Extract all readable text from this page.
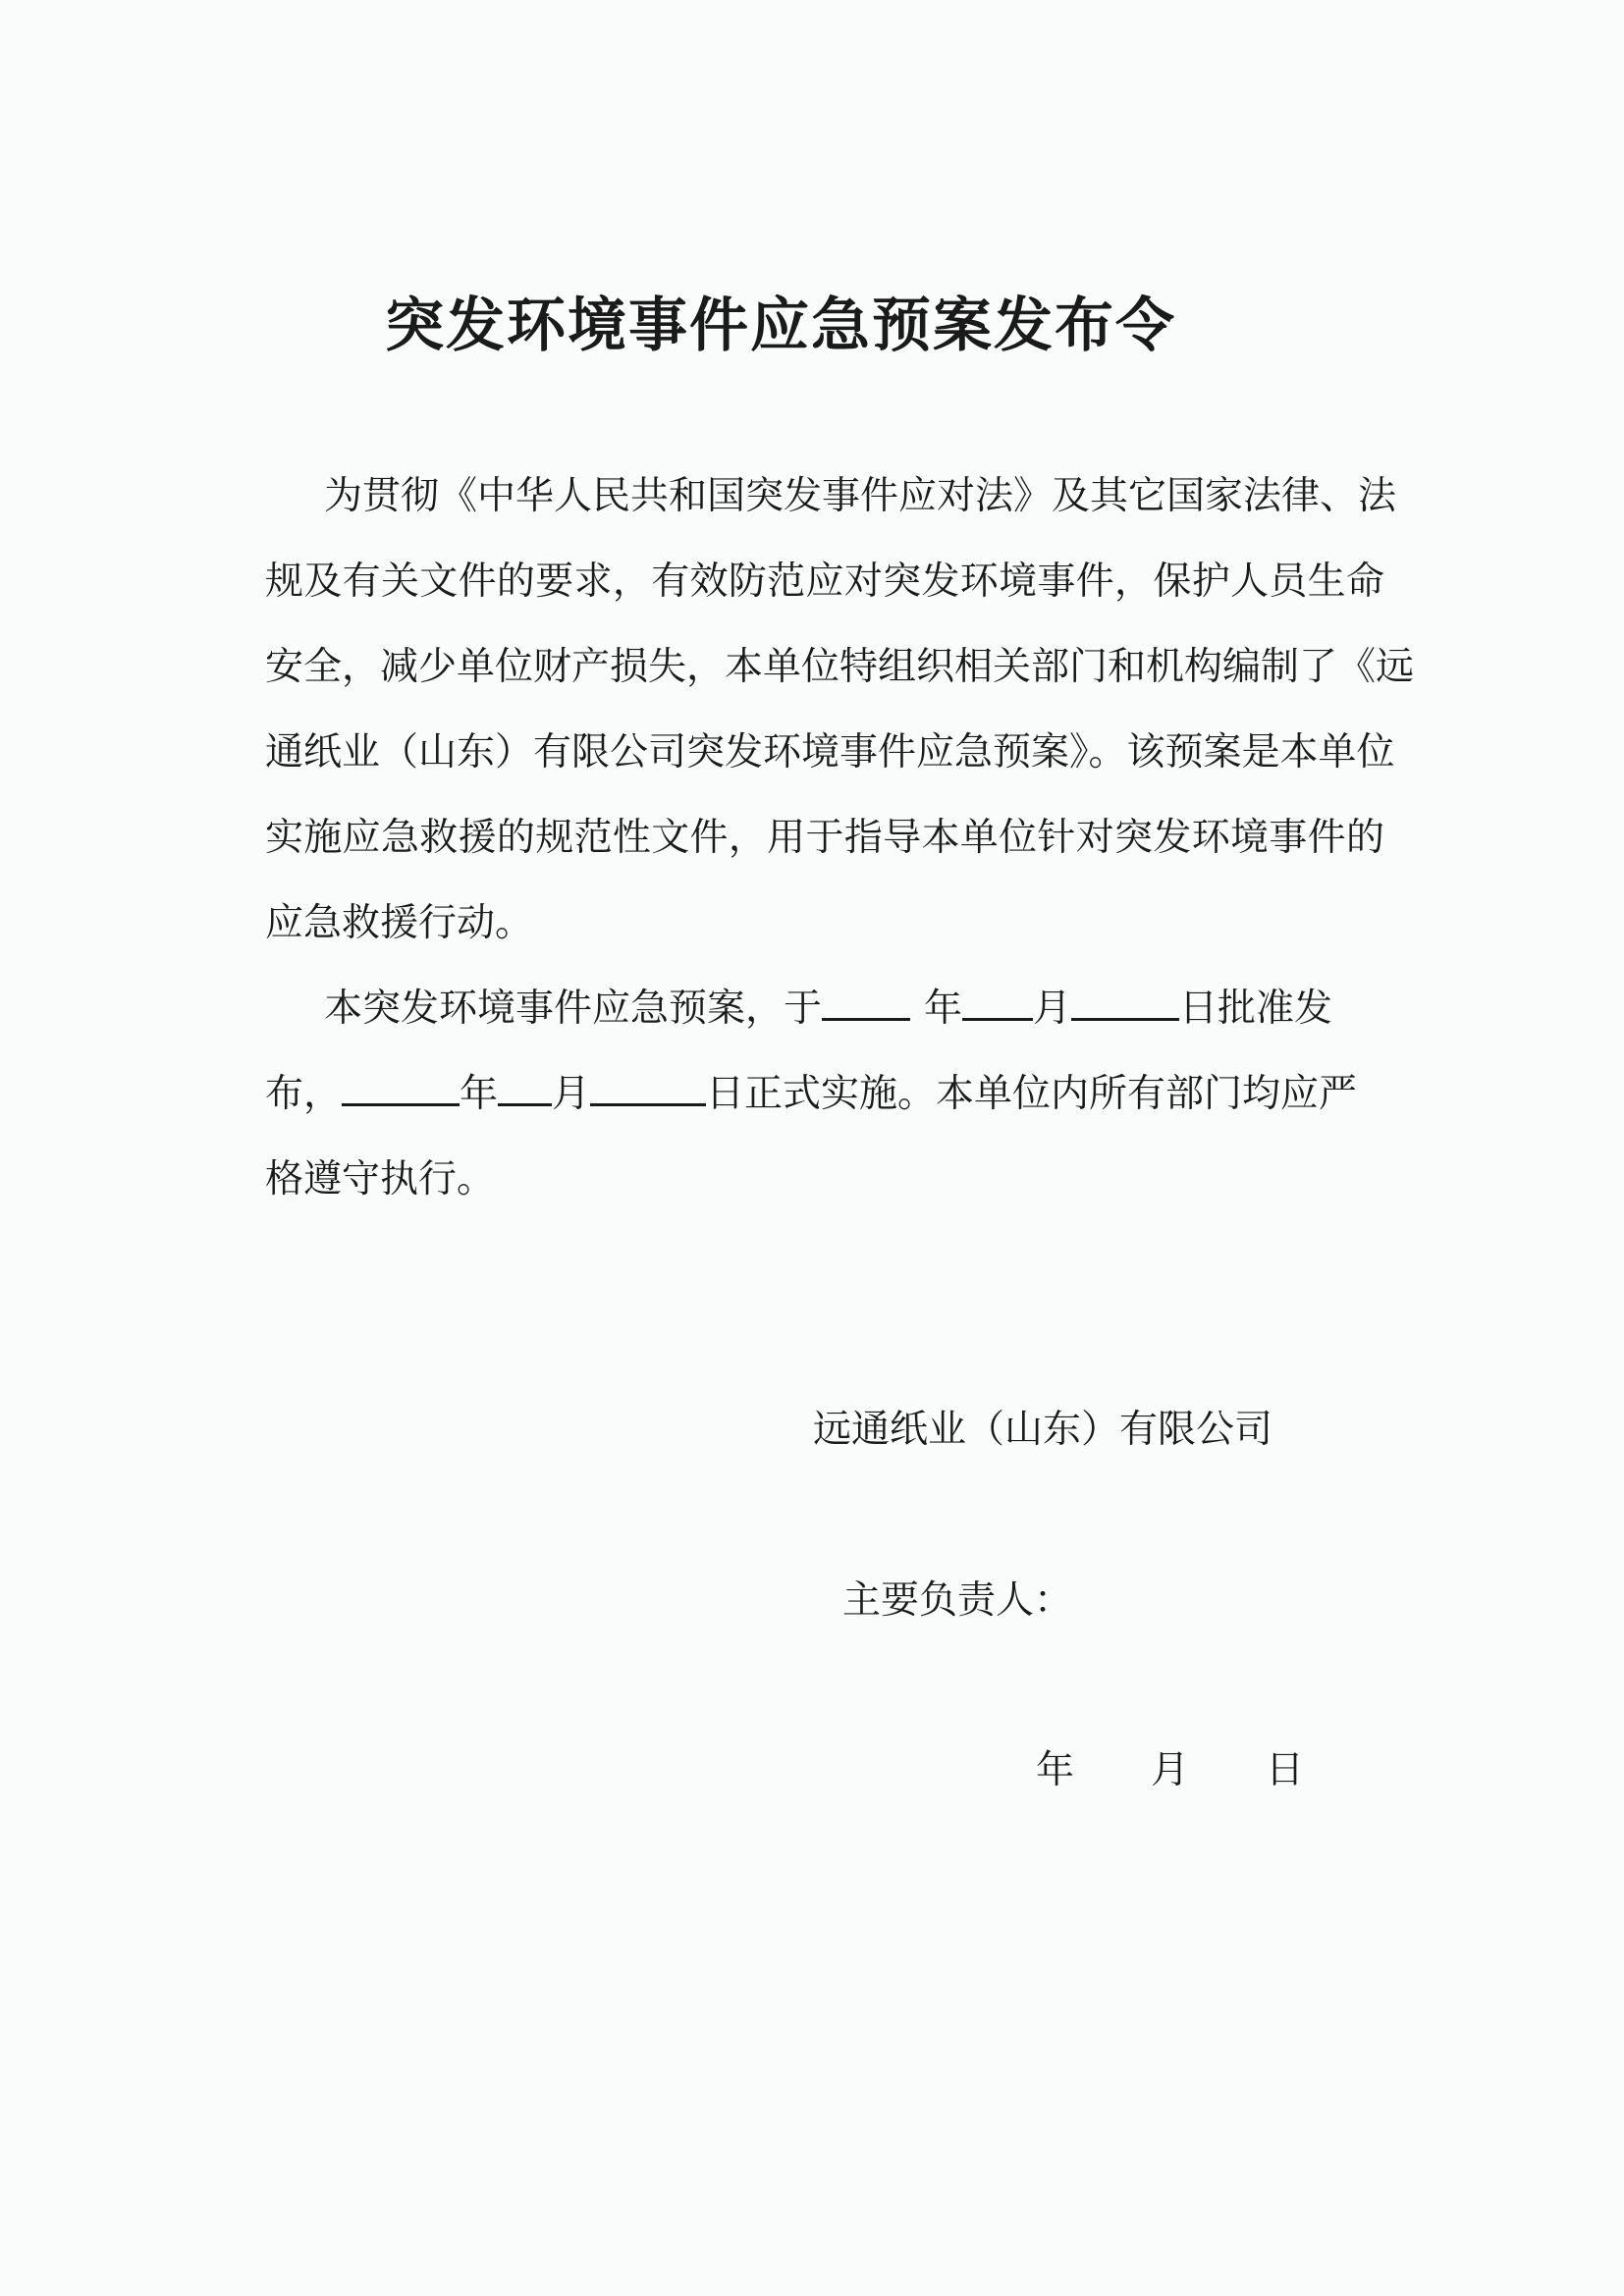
突发环境事件应急预案发布令
为贯彻《中华人民共和国突发事件应对法》及其它国家法律、法
规及有关文件的要求，有效防范应对突发环境事件，保护人员生命
安全，减少单位财产损失，本单位特组织相关部门和机构编制了《远
通纸业（山东）有限公司突发环境事件应急预案》。该预案是本单位
实施应急救援的规范性文件，用于指导本单位针对突发环境事件的
应急救援行动。
本突发环境事件应急预案，于	年 月	日批准发
布，	年 月	日正式实施。本单位内所有部门均应严
格遵守执行。
远通纸业（山东）有限公司
主要负责人：
年 月 日
